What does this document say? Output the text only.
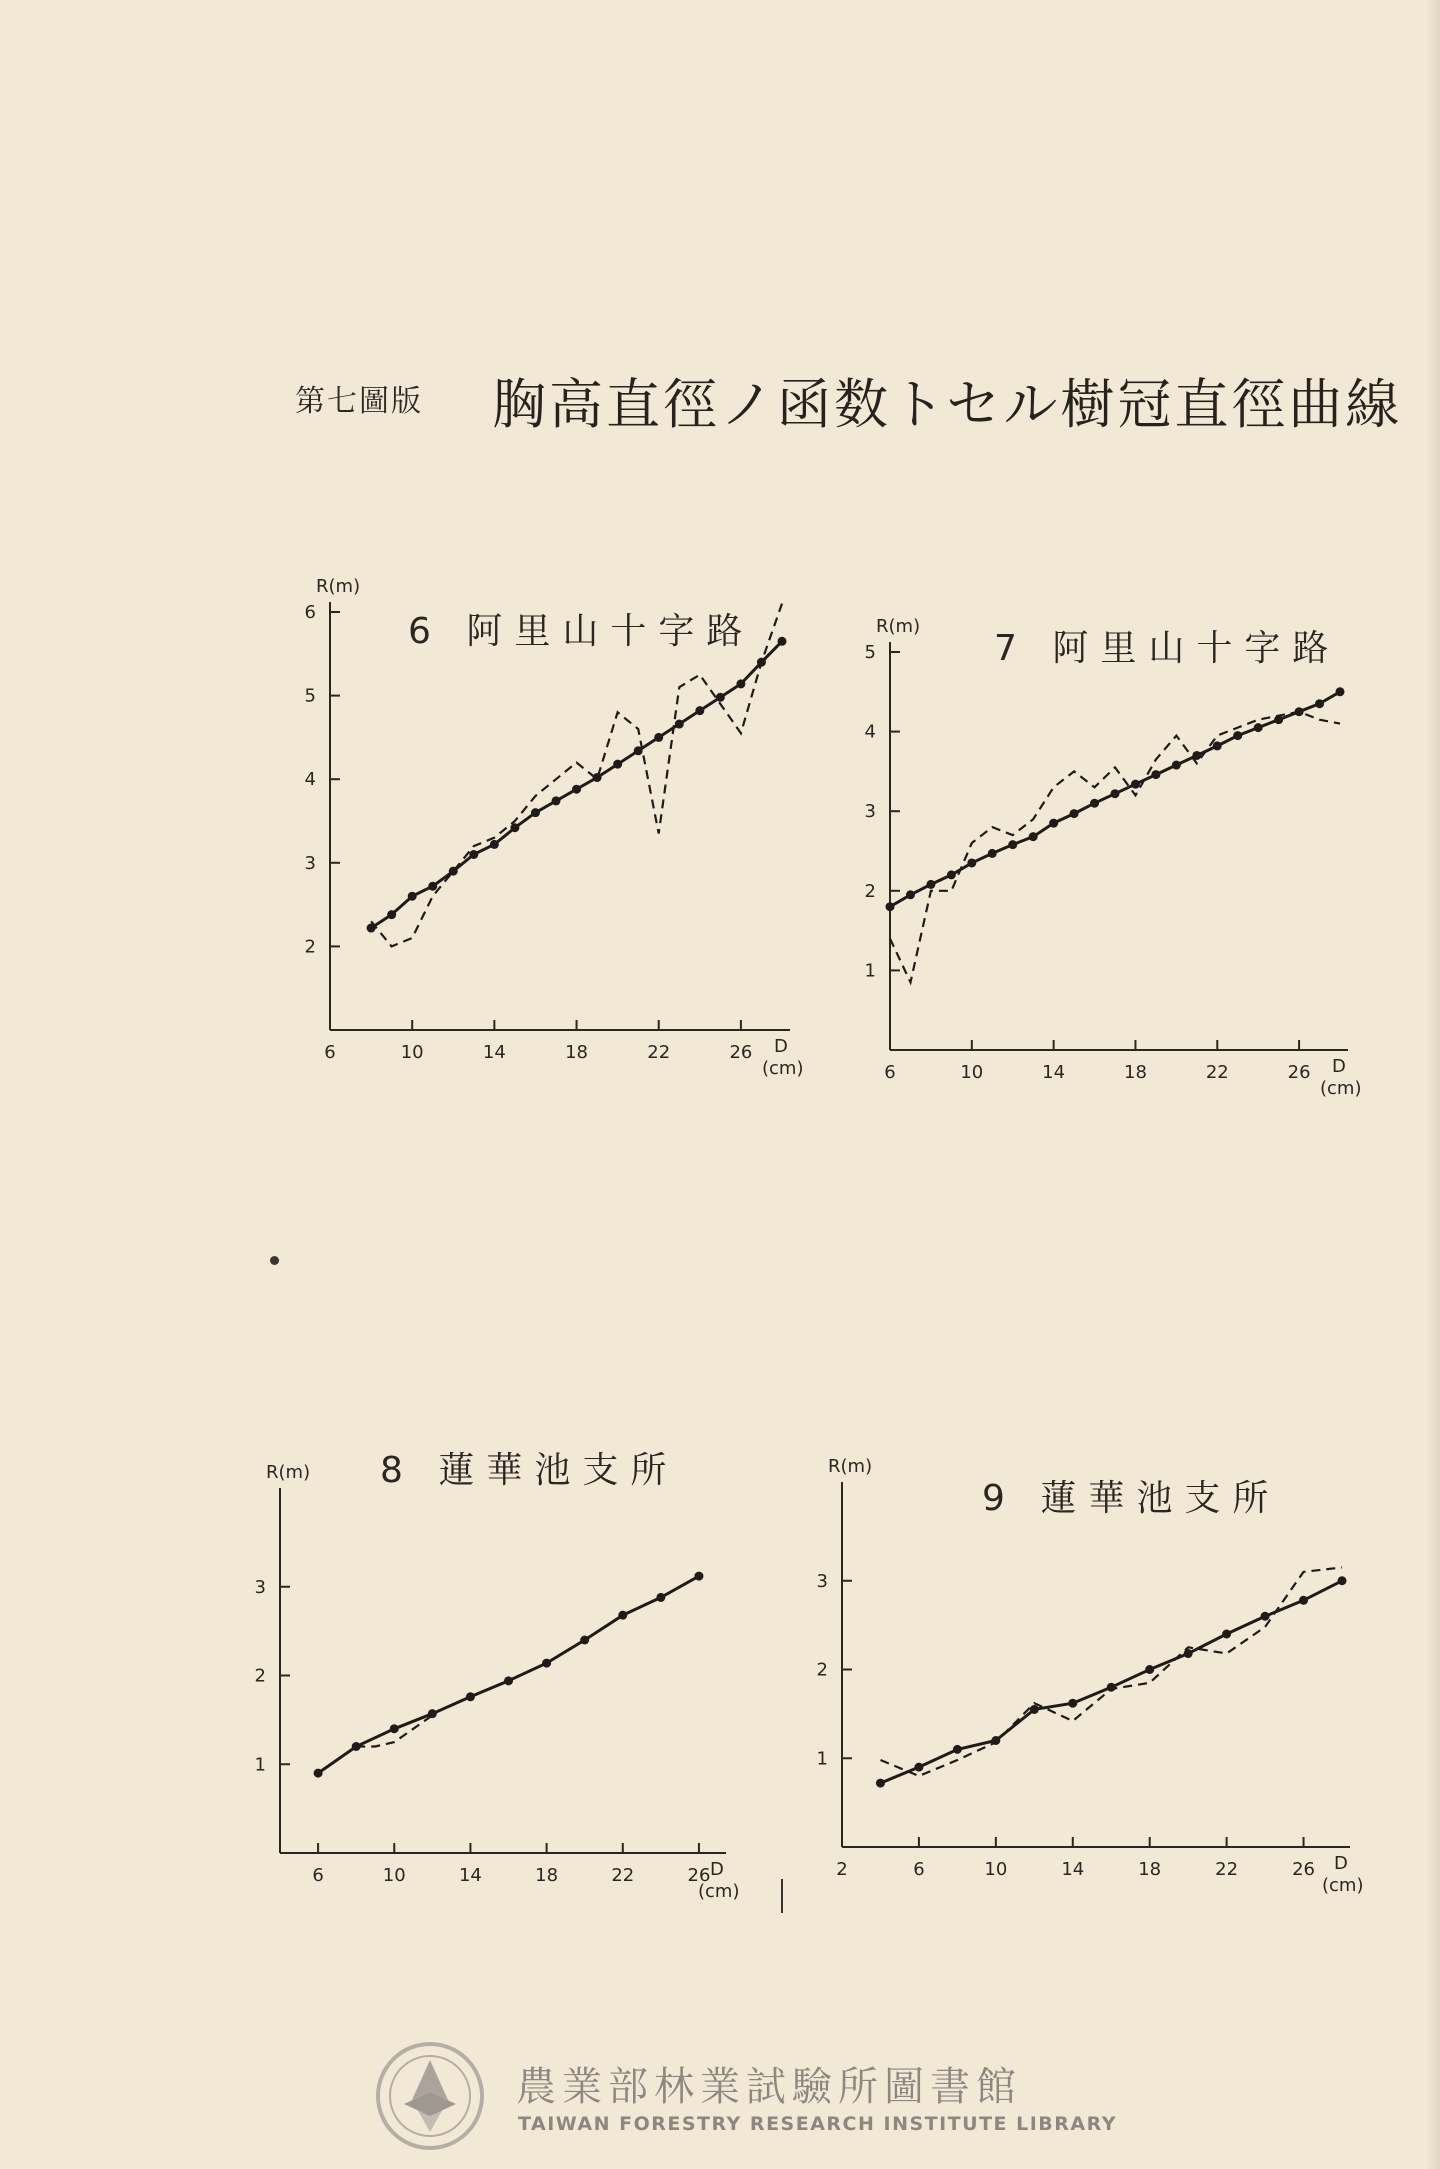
第七圖版 胸高直徑ノ函数トセル樹冠直徑曲線
6 阿里山十字路	7 阿里山十字路
8 蓮華池支所
9 蓮華池支所
R(m)
6	10	14	18	22	26
2
3
4
5
6
D
(cm)
R(m)
6	10	14	18	22	26
1
2
3
4
5
D
(cm)
R(m)
6	10	14	18	22	26
1
2
3
D
(cm)
R(m)
2	6	10	14	18	22	26
1
2
3
D
(cm)
農業部林業試驗所圖書館
TAIWAN FORESTRY RESEARCH INSTITUTE LIBRARY
